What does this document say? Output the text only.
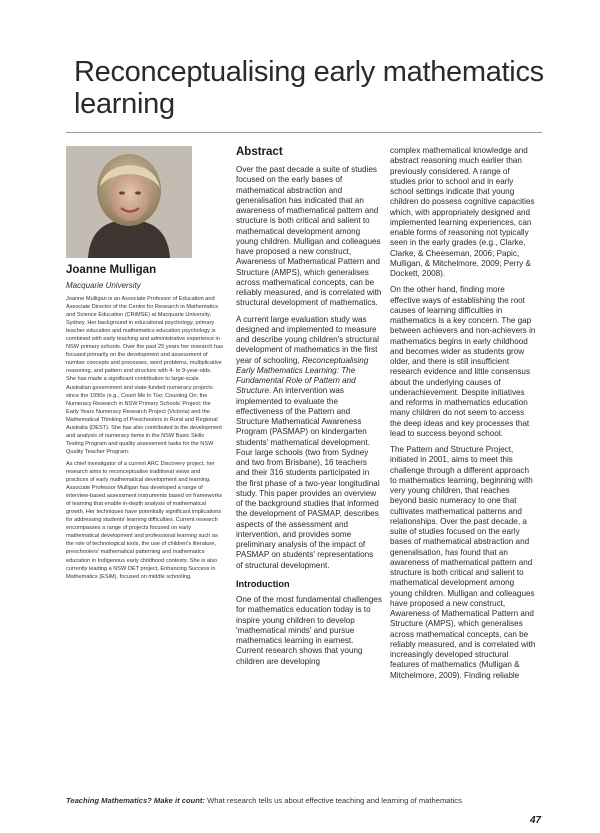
Reconceptualising early mathematics learning
Joanne Mulligan
Macquarie University

Joanne Mulligan is an Associate Professor of Education and Associate Director of the Centre for Research in Mathematics and Science Education (CRiMSE) at Macquarie University, Sydney. Her background in educational psychology, primary teacher education and mathematics education psychology is combined with early teaching and administrative experience in NSW primary schools. Over the past 25 years her research has focused primarily on the development and assessment of number concepts and processes, word problems, multiplicative reasoning, and pattern and structure with 4- to 9-year-olds. She has made a significant contribution to large-scale Australian government and state-funded numeracy projects since the 1990s (e.g., Count Me In Too; Counting On; the Numeracy Research in NSW Primary Schools' Project; the Early Years Numeracy Research Project (Victoria) and the Mathematical Thinking of Preschoolers in Rural and Regional Australia (DEST). She has also contributed to the development and analysis of numeracy items in the NSW Basic Skills Testing Program and quality assessment tasks for the NSW Quality Teacher Program.

As chief investigator of a current ARC Discovery project, her research aims to reconceptualise traditional views and practices of early mathematical development and learning. Associate Professor Mulligan has developed a range of interview-based assessment instruments based on frameworks of learning that enable in-depth analysis of mathematical growth. Her techniques have potentially significant implications for addressing students' learning difficulties. Current research encompasses a range of projects focused on early mathematical development and professional learning such as the role of technological tools, the use of children's literature, preschoolers' mathematical patterning and mathematics education in Indigenous early childhood contexts. She is also currently leading a NSW DET project, Enhancing Success in Mathematics (ESiM), focused on middle schooling.

Abstract

Over the past decade a suite of studies focused on the early bases of mathematical abstraction and generalisation has indicated that an awareness of mathematical pattern and structure is both critical and salient to mathematical development among young children. Mulligan and colleagues have proposed a new construct, Awareness of Mathematical Pattern and Structure (AMPS), which generalises across mathematical concepts, can be reliably measured, and is correlated with structural development of mathematics.

A current large evaluation study was designed and implemented to measure and describe young children's structural development of mathematics in the first year of schooling, Reconceptualising Early Mathematics Learning: The Fundamental Role of Pattern and Structure. An intervention was implemented to evaluate the effectiveness of the Pattern and Structure Mathematical Awareness Program (PASMAP) on kindergarten students' mathematical development. Four large schools (two from Sydney and two from Brisbane), 16 teachers and their 316 students participated in the first phase of a two-year longitudinal study. This paper provides an overview of the background studies that informed the development of PASMAP, describes aspects of the assessment and intervention, and provides some preliminary analysis of the impact of PASMAP on students' representations of structural development.

Introduction

One of the most fundamental challenges for mathematics education today is to inspire young children to develop 'mathematical minds' and pursue mathematics learning in earnest. Current research shows that young children are developing

complex mathematical knowledge and abstract reasoning much earlier than previously considered. A range of studies prior to school and in early school settings indicate that young children do possess cognitive capacities which, with appropriately designed and implemented learning experiences, can enable forms of reasoning not typically seen in the early grades (e.g., Clarke, Clarke, & Cheeseman, 2006; Papic, Mulligan, & Mitchelmore, 2009; Perry & Dockett, 2008).

On the other hand, finding more effective ways of establishing the root causes of learning difficulties in mathematics is a key concern. The gap between achievers and non-achievers in mathematics begins in early childhood and becomes wider as students grow older, and there is still insufficient research evidence and little consensus about the underlying causes of underachievement. Despite initiatives and reforms in mathematics education many children do not seem to access the deep ideas and key processes that lead to success beyond school.

The Pattern and Structure Project, initiated in 2001, aims to meet this challenge through a different approach to mathematics learning, beginning with very young children, that reaches beyond basic numeracy to one that cultivates mathematical patterns and relationships. Over the past decade, a suite of studies focused on the early bases of mathematical abstraction and generalisation, has found that an awareness of mathematical pattern and structure is both critical and salient to mathematical development among young children. Mulligan and colleagues have proposed a new construct, Awareness of Mathematical Pattern and Structure (AMPS), which generalises across mathematical concepts, can be reliably measured, and is correlated with increasingly developed structural features of mathematics (Mulligan & Mitchelmore, 2009). Finding reliable

Teaching Mathematics? Make it count: What research tells us about effective teaching and learning of mathematics
47
